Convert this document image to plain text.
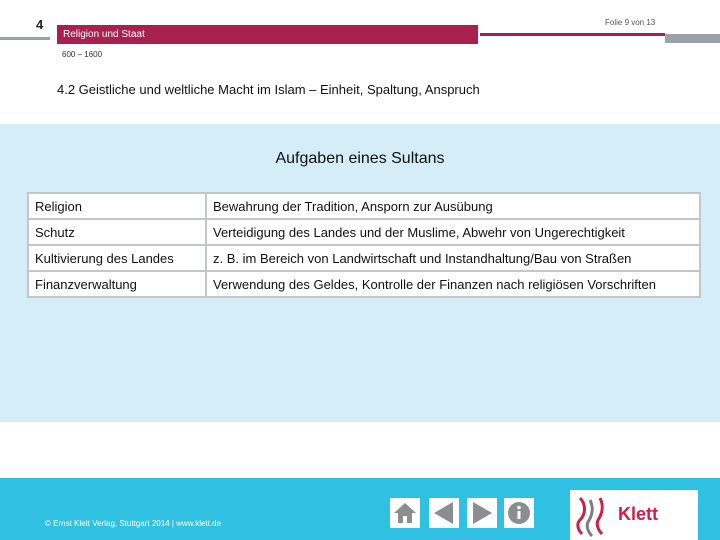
4
Religion und Staat
Folie 9 von 13
600 – 1600
4.2 Geistliche und weltliche Macht im Islam – Einheit, Spaltung, Anspruch
Aufgaben eines Sultans
Religion	Bewahrung der Tradition, Ansporn zur Ausübung
Schutz	Verteidigung des Landes und der Muslime, Abwehr von Ungerechtigkeit
Kultivierung des Landes	z. B. im Bereich von Landwirtschaft und Instandhaltung/Bau von Straßen
Finanzverwaltung	Verwendung des Geldes, Kontrolle der Finanzen nach religiösen Vorschriften
© Ernst Klett Verlag, Stuttgart 2014 | www.klett.de	Klett
